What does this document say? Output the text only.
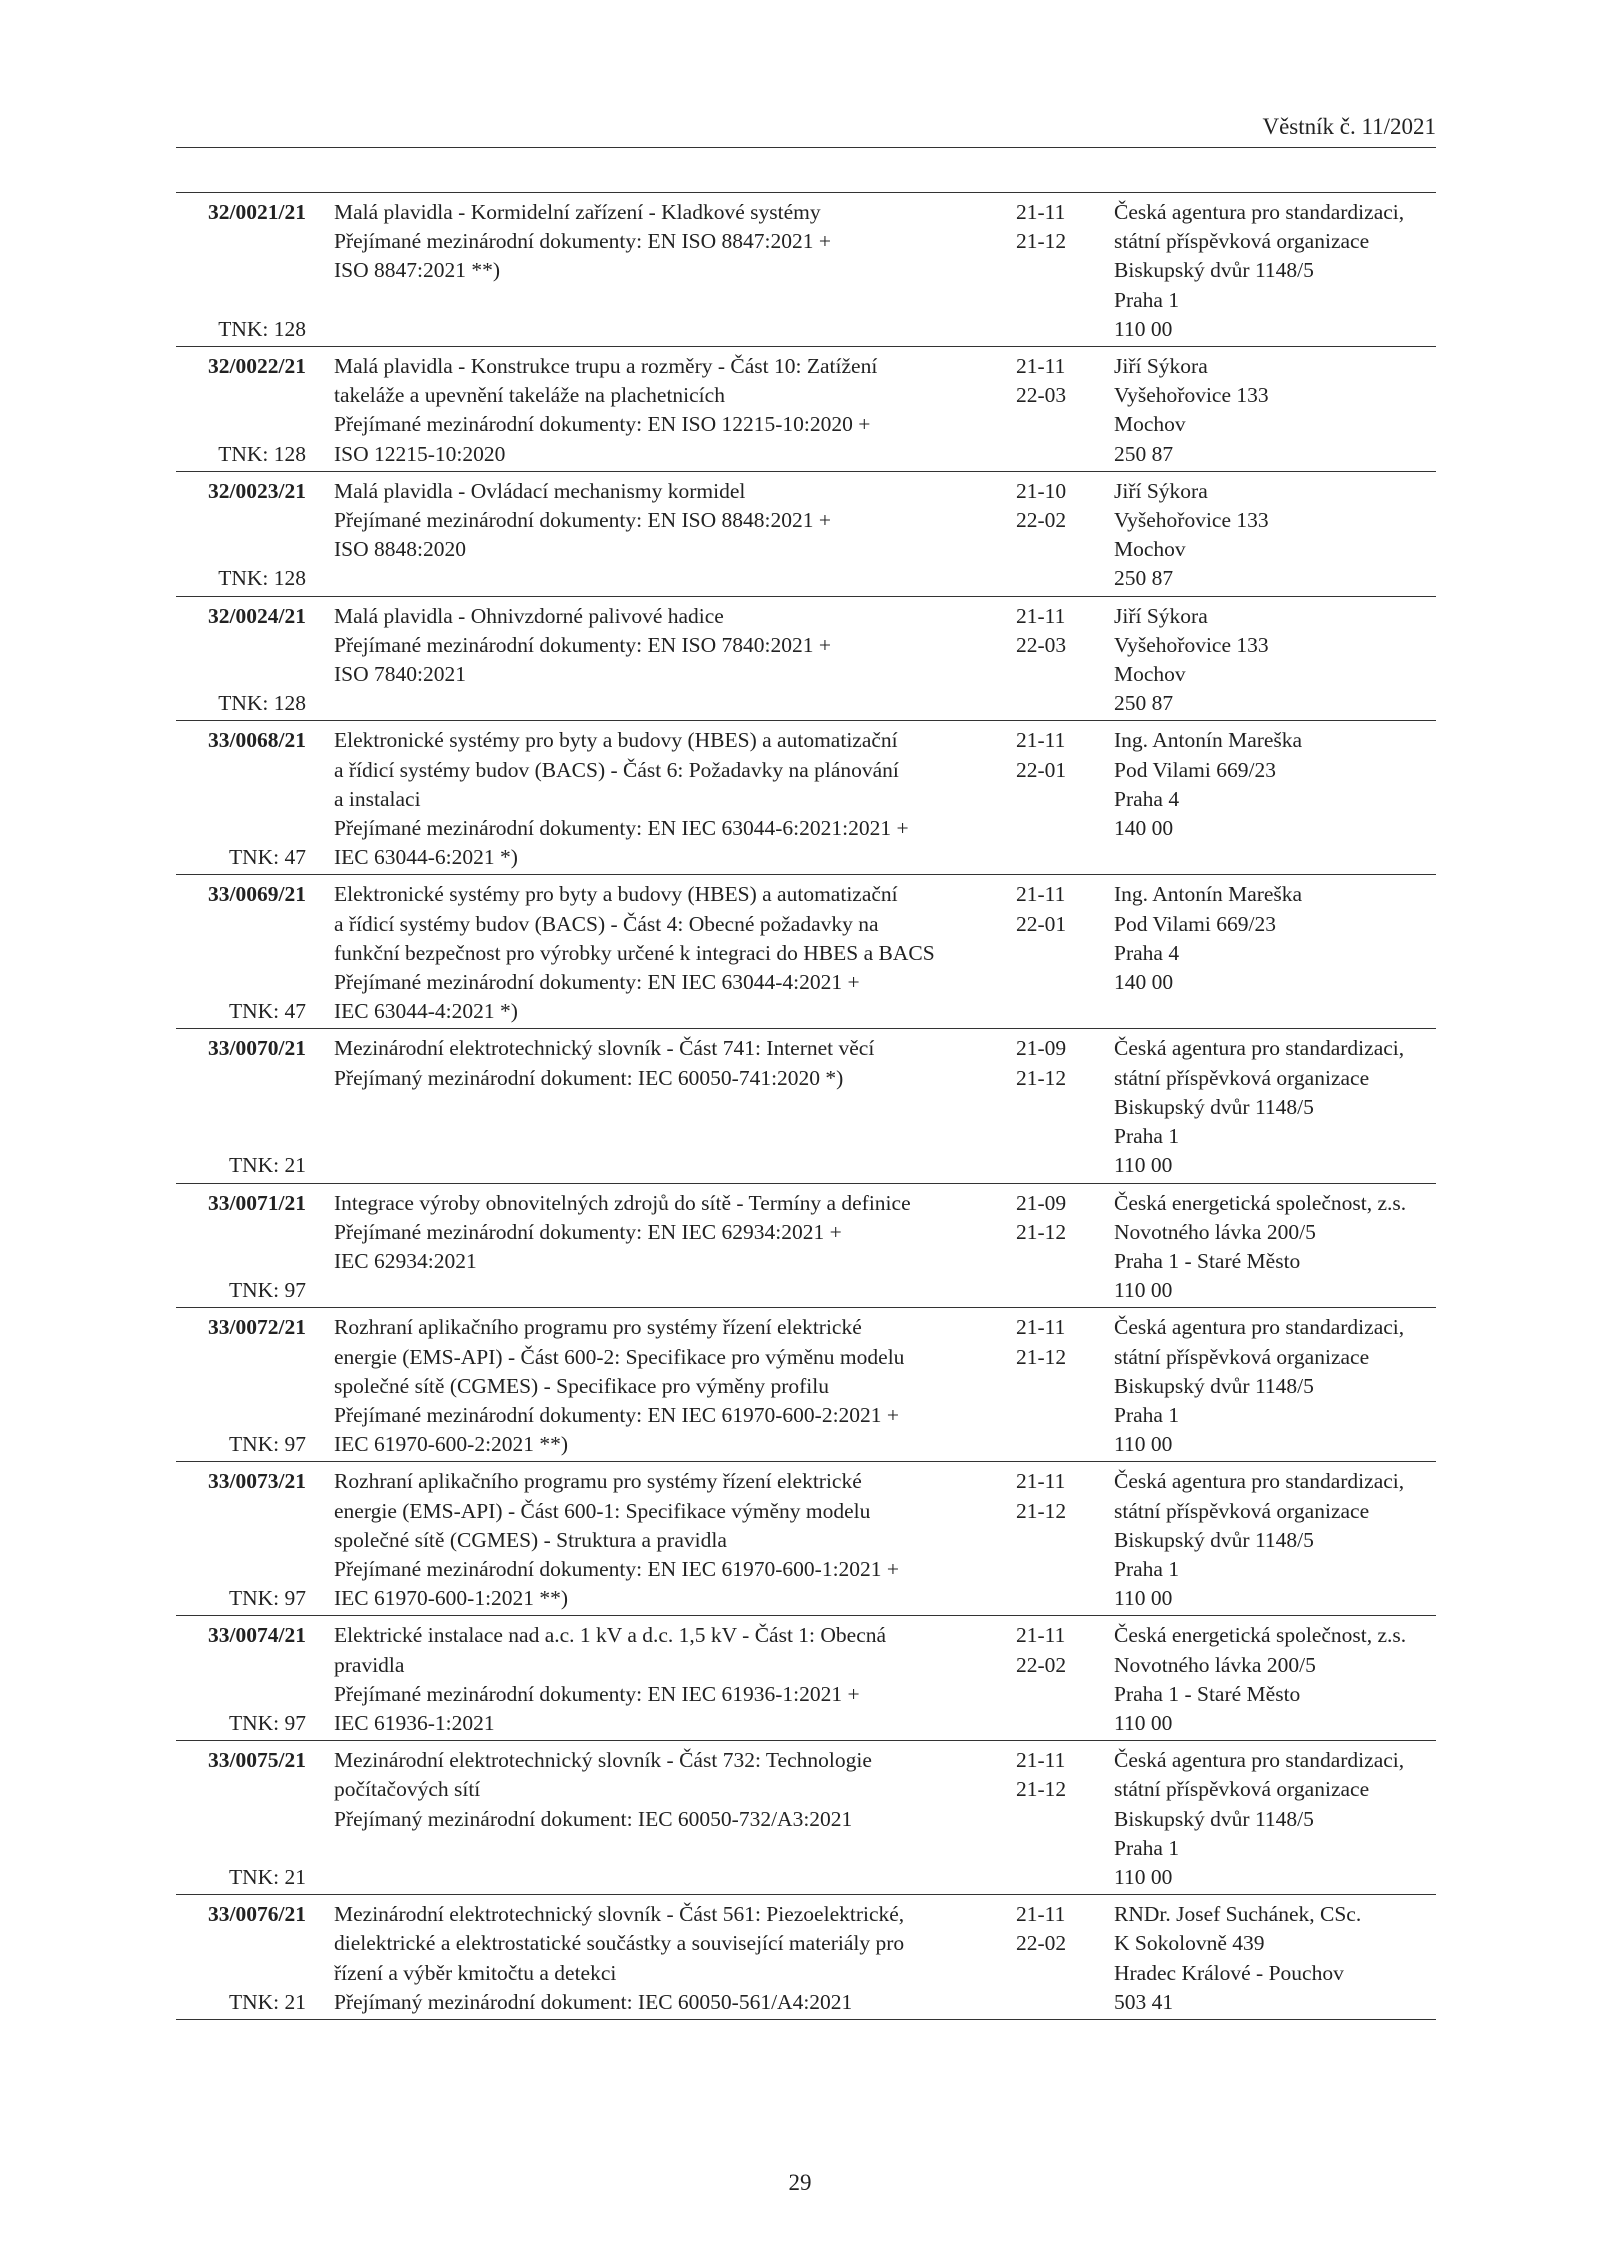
Věstník č. 11/2021
32/0021/21
TNK: 128
Malá plavidla - Kormidelní zařízení - Kladkové systémy
Přejímané mezinárodní dokumenty: EN ISO 8847:2021 +
ISO 8847:2021 **)
21-11
21-12
Česká agentura pro standardizaci,
státní příspěvková organizace
Biskupský dvůr 1148/5
Praha 1
110 00
32/0022/21
TNK: 128
Malá plavidla - Konstrukce trupu a rozměry - Část 10: Zatížení
takeláže a upevnění takeláže na plachetnicích
Přejímané mezinárodní dokumenty: EN ISO 12215-10:2020 +
ISO 12215-10:2020
21-11
22-03
Jiří Sýkora
Vyšehořovice 133
Mochov
250 87
32/0023/21
TNK: 128
Malá plavidla - Ovládací mechanismy kormidel
Přejímané mezinárodní dokumenty: EN ISO 8848:2021 +
ISO 8848:2020
21-10
22-02
Jiří Sýkora
Vyšehořovice 133
Mochov
250 87
32/0024/21
TNK: 128
Malá plavidla - Ohnivzdorné palivové hadice
Přejímané mezinárodní dokumenty: EN ISO 7840:2021 +
ISO 7840:2021
21-11
22-03
Jiří Sýkora
Vyšehořovice 133
Mochov
250 87
33/0068/21
TNK: 47
Elektronické systémy pro byty a budovy (HBES) a automatizační
a řídicí systémy budov (BACS) - Část 6: Požadavky na plánování
a instalaci
Přejímané mezinárodní dokumenty: EN IEC 63044-6:2021:2021 +
IEC 63044-6:2021 *)
21-11
22-01
Ing. Antonín Mareška
Pod Vilami 669/23
Praha 4
140 00
33/0069/21
TNK: 47
Elektronické systémy pro byty a budovy (HBES) a automatizační
a řídicí systémy budov (BACS) - Část 4: Obecné požadavky na
funkční bezpečnost pro výrobky určené k integraci do HBES a BACS
Přejímané mezinárodní dokumenty: EN IEC 63044-4:2021 +
IEC 63044-4:2021 *)
21-11
22-01
Ing. Antonín Mareška
Pod Vilami 669/23
Praha 4
140 00
33/0070/21
TNK: 21
Mezinárodní elektrotechnický slovník - Část 741: Internet věcí
Přejímaný mezinárodní dokument: IEC 60050-741:2020 *)
21-09
21-12
Česká agentura pro standardizaci,
státní příspěvková organizace
Biskupský dvůr 1148/5
Praha 1
110 00
33/0071/21
TNK: 97
Integrace výroby obnovitelných zdrojů do sítě - Termíny a definice
Přejímané mezinárodní dokumenty: EN IEC 62934:2021 +
IEC 62934:2021
21-09
21-12
Česká energetická společnost, z.s.
Novotného lávka 200/5
Praha 1 - Staré Město
110 00
33/0072/21
TNK: 97
Rozhraní aplikačního programu pro systémy řízení elektrické
energie (EMS-API) - Část 600-2: Specifikace pro výměnu modelu
společné sítě (CGMES) - Specifikace pro výměny profilu
Přejímané mezinárodní dokumenty: EN IEC 61970-600-2:2021 +
IEC 61970-600-2:2021 **)
21-11
21-12
Česká agentura pro standardizaci,
státní příspěvková organizace
Biskupský dvůr 1148/5
Praha 1
110 00
33/0073/21
TNK: 97
Rozhraní aplikačního programu pro systémy řízení elektrické
energie (EMS-API) - Část 600-1: Specifikace výměny modelu
společné sítě (CGMES) - Struktura a pravidla
Přejímané mezinárodní dokumenty: EN IEC 61970-600-1:2021 +
IEC 61970-600-1:2021 **)
21-11
21-12
Česká agentura pro standardizaci,
státní příspěvková organizace
Biskupský dvůr 1148/5
Praha 1
110 00
33/0074/21
TNK: 97
Elektrické instalace nad a.c. 1 kV a d.c. 1,5 kV - Část 1: Obecná
pravidla
Přejímané mezinárodní dokumenty: EN IEC 61936-1:2021 +
IEC 61936-1:2021
21-11
22-02
Česká energetická společnost, z.s.
Novotného lávka 200/5
Praha 1 - Staré Město
110 00
33/0075/21
TNK: 21
Mezinárodní elektrotechnický slovník - Část 732: Technologie
počítačových sítí
Přejímaný mezinárodní dokument: IEC 60050-732/A3:2021
21-11
21-12
Česká agentura pro standardizaci,
státní příspěvková organizace
Biskupský dvůr 1148/5
Praha 1
110 00
33/0076/21
TNK: 21
Mezinárodní elektrotechnický slovník - Část 561: Piezoelektrické,
dielektrické a elektrostatické součástky a související materiály pro
řízení a výběr kmitočtu a detekci
Přejímaný mezinárodní dokument: IEC 60050-561/A4:2021
21-11
22-02
RNDr. Josef Suchánek, CSc.
K Sokolovně 439
Hradec Králové - Pouchov
503 41
29
